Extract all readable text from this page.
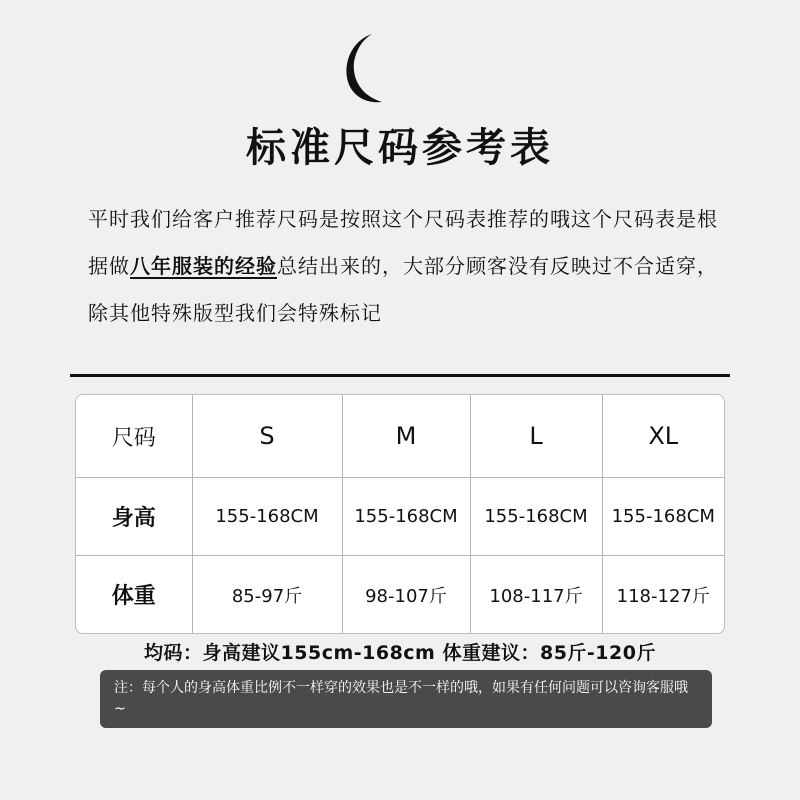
标准尺码参考表
平时我们给客户推荐尺码是按照这个尺码表推荐的哦这个尺码表是根据做八年服装的经验总结出来的，大部分顾客没有反映过不合适穿，除其他特殊版型我们会特殊标记
尺码	S	M	L	XL
身高	155-168CM	155-168CM	155-168CM	155-168CM
体重	85-97斤	98-107斤	108-117斤	118-127斤
均码：身高建议155cm-168cm 体重建议：85斤-120斤
注：每个人的身高体重比例不一样穿的效果也是不一样的哦，如果有任何问题可以咨询客服哦~
